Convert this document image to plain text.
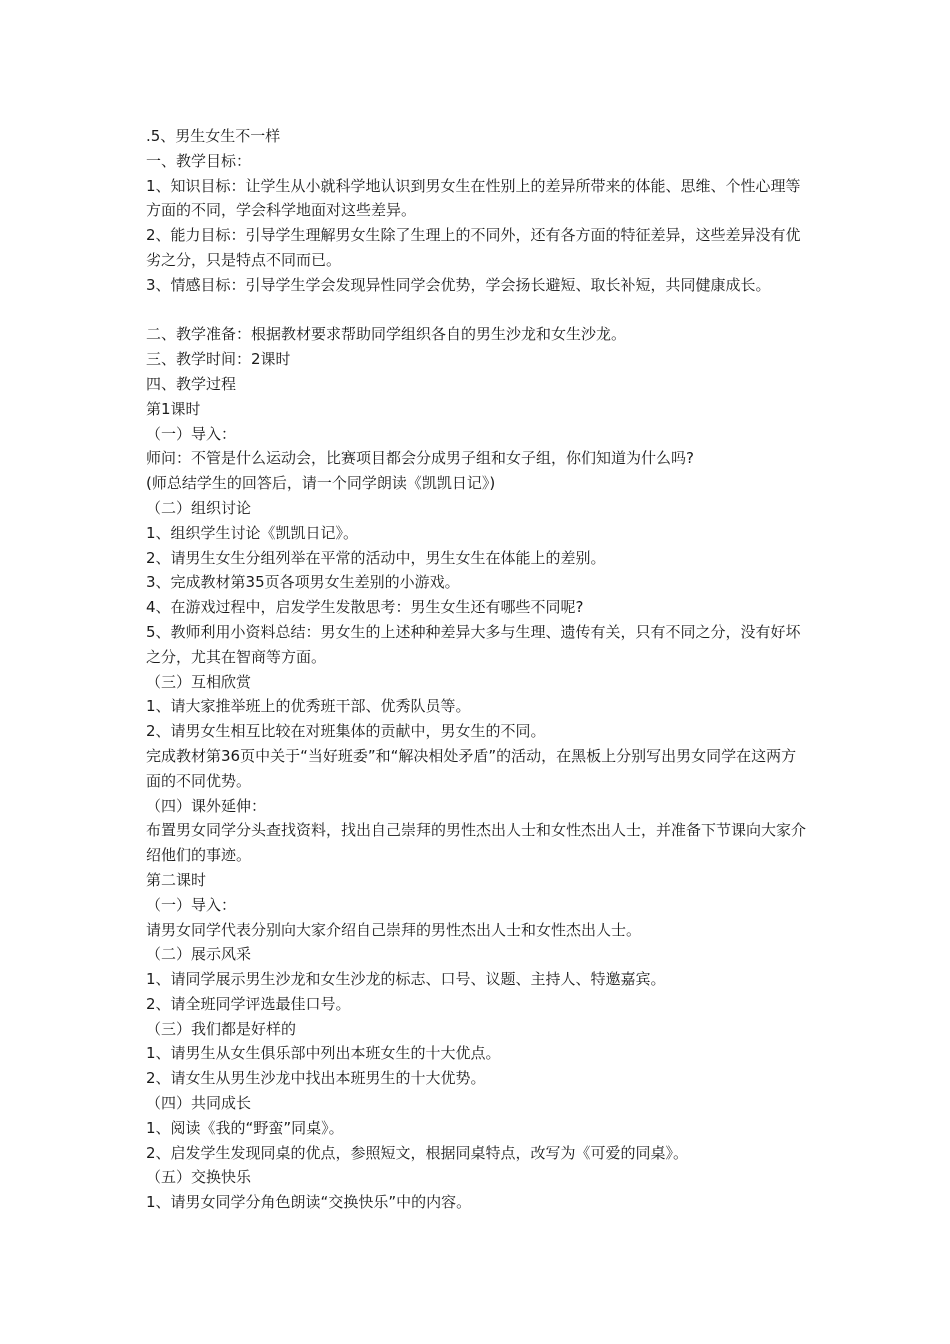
.5、男生女生不一样
一、教学目标：
1、知识目标：让学生从小就科学地认识到男女生在性别上的差异所带来的体能、思维、个性心理等方面的不同，学会科学地面对这些差异。
2、能力目标：引导学生理解男女生除了生理上的不同外，还有各方面的特征差异，这些差异没有优劣之分，只是特点不同而已。
3、情感目标：引导学生学会发现异性同学会优势，学会扬长避短、取长补短，共同健康成长。
二、教学准备：根据教材要求帮助同学组织各自的男生沙龙和女生沙龙。
三、教学时间：2课时
四、教学过程
第1课时
（一）导入：
师问：不管是什么运动会，比赛项目都会分成男子组和女子组，你们知道为什么吗?
(师总结学生的回答后，请一个同学朗读《凯凯日记》)
（二）组织讨论
1、组织学生讨论《凯凯日记》。
2、请男生女生分组列举在平常的活动中，男生女生在体能上的差别。
3、完成教材第35页各项男女生差别的小游戏。
4、在游戏过程中，启发学生发散思考：男生女生还有哪些不同呢?
5、教师利用小资料总结：男女生的上述种种差异大多与生理、遗传有关，只有不同之分，没有好坏之分，尤其在智商等方面。
（三）互相欣赏
1、请大家推举班上的优秀班干部、优秀队员等。
2、请男女生相互比较在对班集体的贡献中，男女生的不同。
完成教材第36页中关于“当好班委”和“解决相处矛盾”的活动，在黑板上分别写出男女同学在这两方面的不同优势。
（四）课外延伸：
布置男女同学分头查找资料，找出自己崇拜的男性杰出人士和女性杰出人士，并准备下节课向大家介绍他们的事迹。
第二课时
（一）导入：
请男女同学代表分别向大家介绍自己崇拜的男性杰出人士和女性杰出人士。
（二）展示风采
1、请同学展示男生沙龙和女生沙龙的标志、口号、议题、主持人、特邀嘉宾。
2、请全班同学评选最佳口号。
（三）我们都是好样的
1、请男生从女生俱乐部中列出本班女生的十大优点。
2、请女生从男生沙龙中找出本班男生的十大优势。
（四）共同成长
1、阅读《我的“野蛮”同桌》。
2、启发学生发现同桌的优点，参照短文，根据同桌特点，改写为《可爱的同桌》。
（五）交换快乐
1、请男女同学分角色朗读“交换快乐”中的内容。
